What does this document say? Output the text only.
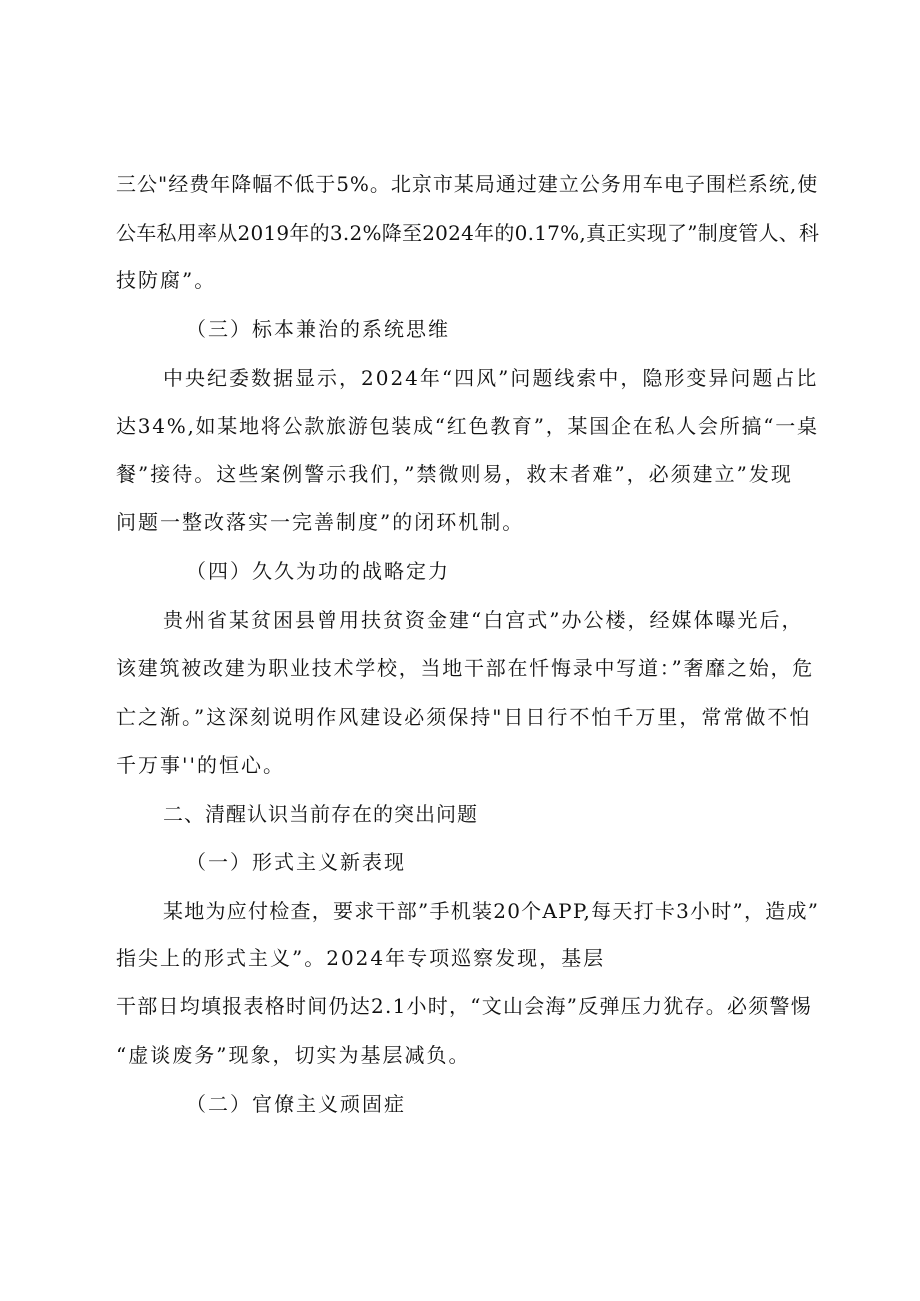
三公"经费年降幅不低于5%。北京市某局通过建立公务用车电子围栏系统,使
公车私用率从2019年的3.2%降至2024年的0.17%,真正实现了”制度管人、科
技防腐”。
（三）标本兼治的系统思维
中央纪委数据显示，2024年“四风”问题线索中，隐形变异问题占比
达34%,如某地将公款旅游包装成“红色教育”，某国企在私人会所搞“一桌
餐”接待。这些案例警示我们，”禁微则易，救末者难”，必须建立”发现
问题一整改落实一完善制度”的闭环机制。
（四）久久为功的战略定力
贵州省某贫困县曾用扶贫资金建“白宫式”办公楼，经媒体曝光后，
该建筑被改建为职业技术学校，当地干部在忏悔录中写道：”奢靡之始，危
亡之渐。”这深刻说明作风建设必须保持"日日行不怕千万里，常常做不怕
千万事''的恒心。
二、清醒认识当前存在的突出问题
（一）形式主义新表现
某地为应付检查，要求干部”手机装20个APP,每天打卡3小时”，造成”
指尖上的形式主义”。2024年专项巡察发现，基层
干部日均填报表格时间仍达2.1小时，“文山会海”反弹压力犹存。必须警惕
“虚谈废务”现象，切实为基层减负。
（二）官僚主义顽固症
